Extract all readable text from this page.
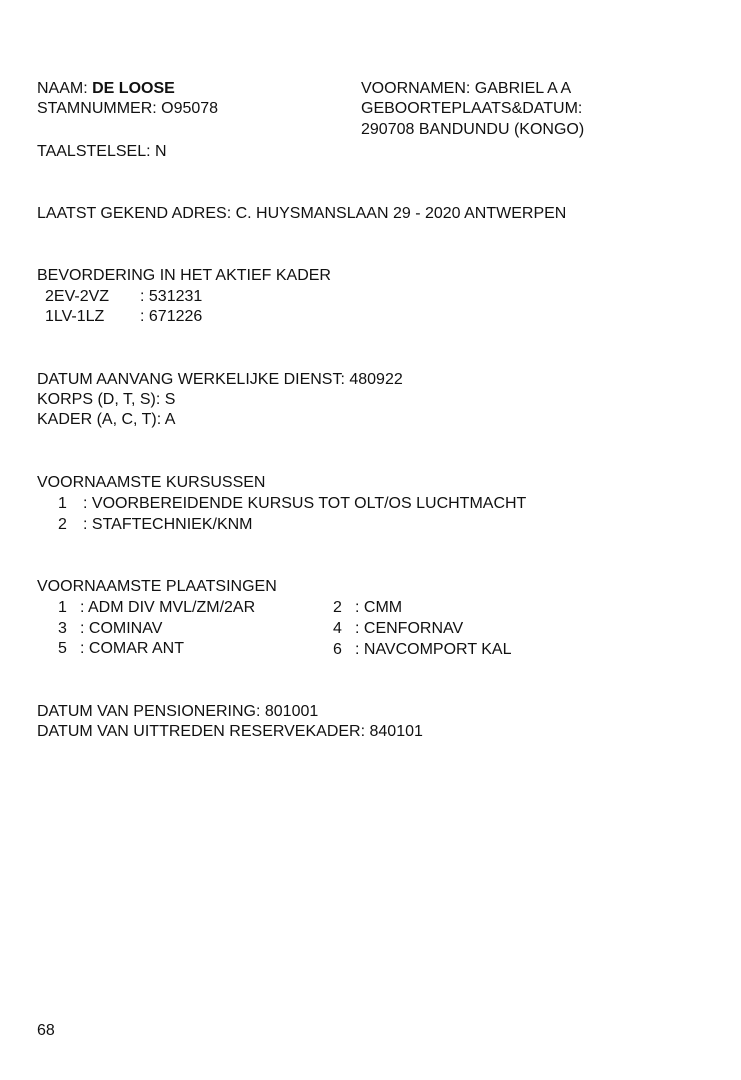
NAAM: DE LOOSE
STAMNUMMER: O95078
VOORNAMEN: GABRIEL A A
GEBOORTEPLAATS&DATUM:
290708 BANDUNDU (KONGO)
TAALSTELSEL: N
LAATST GEKEND ADRES: C. HUYSMANSLAAN 29 - 2020 ANTWERPEN
BEVORDERING IN HET AKTIEF KADER
2EV-2VZ : 531231
1LV-1LZ : 671226
DATUM AANVANG WERKELIJKE DIENST: 480922
KORPS (D, T, S): S
KADER (A, C, T): A
VOORNAAMSTE KURSUSSEN
1 : VOORBEREIDENDE KURSUS TOT OLT/OS LUCHTMACHT
2 : STAFTECHNIEK/KNM
VOORNAAMSTE PLAATSINGEN
1 : ADM DIV MVL/ZM/2AR	2 : CMM
3 : COMINAV	4 : CENFORNAV
5 : COMAR ANT	6 : NAVCOMPORT KAL
DATUM VAN PENSIONERING: 801001
DATUM VAN UITTREDEN RESERVEKADER: 840101
68
